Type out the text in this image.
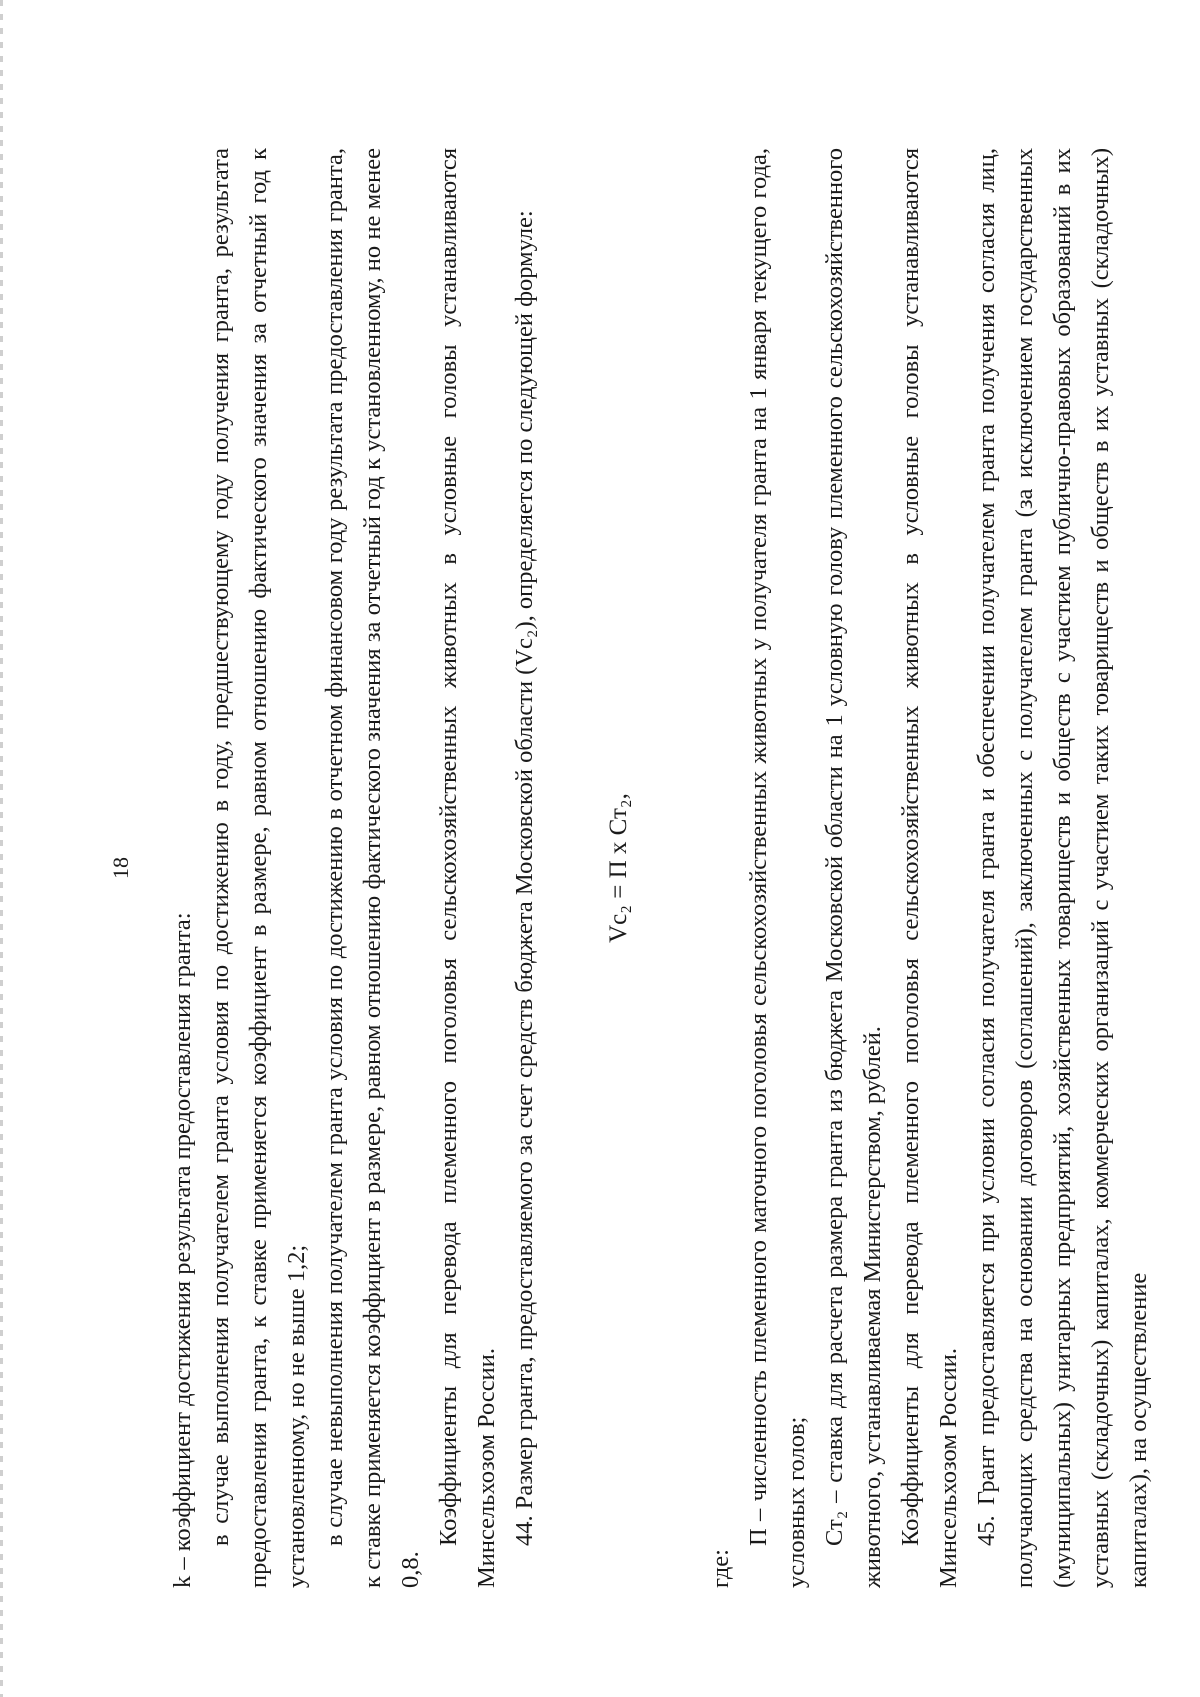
18

k – коэффициент достижения результата предоставления гранта: в случае выполнения получателем гранта условия по достижению в году, предшествующему году получения гранта, результата предоставления гранта, к ставке применяется коэффициент в размере, равном отношению фактического значения за отчетный год к установленному, но не выше 1,2; в случае невыполнения получателем гранта условия по достижению в отчетном финансовом году результата предоставления гранта, к ставке применяется коэффициент в размере, равном отношению фактического значения за отчетный год к установленному, но не менее 0,8.

Коэффициенты для перевода племенного поголовья сельскохозяйственных животных в условные головы устанавливаются Минсельхозом России. 44. Размер гранта, предоставляемого за счет средств бюджета Московской области (Vc₂), определяется по следующей формуле:	Vc₂ = П х Ст₂,

где:

П – численность племенного маточного поголовья сельскохозяйственных животных у получателя гранта на 1 января текущего года, условных голов; Ст₂ – ставка для расчета размера гранта из бюджета Московской области на 1 условную голову племенного сельскохозяйственного животного, устанавливаемая Министерством, рублей. Коэффициенты для перевода племенного поголовья сельскохозяйственных животных в условные головы устанавливаются Минсельхозом России. 45. Грант предоставляется при условии согласия получателя гранта и обеспечении получателем гранта получения согласия лиц, получающих средства на основании договоров (соглашений), заключенных с получателем гранта (за исключением государственных (муниципальных) унитарных предприятий, хозяйственных товариществ и обществ с участием публично-правовых образований в их уставных (складочных) капиталах, коммерческих организаций с участием таких товариществ и обществ в их уставных (складочных) капиталах), на осуществление
